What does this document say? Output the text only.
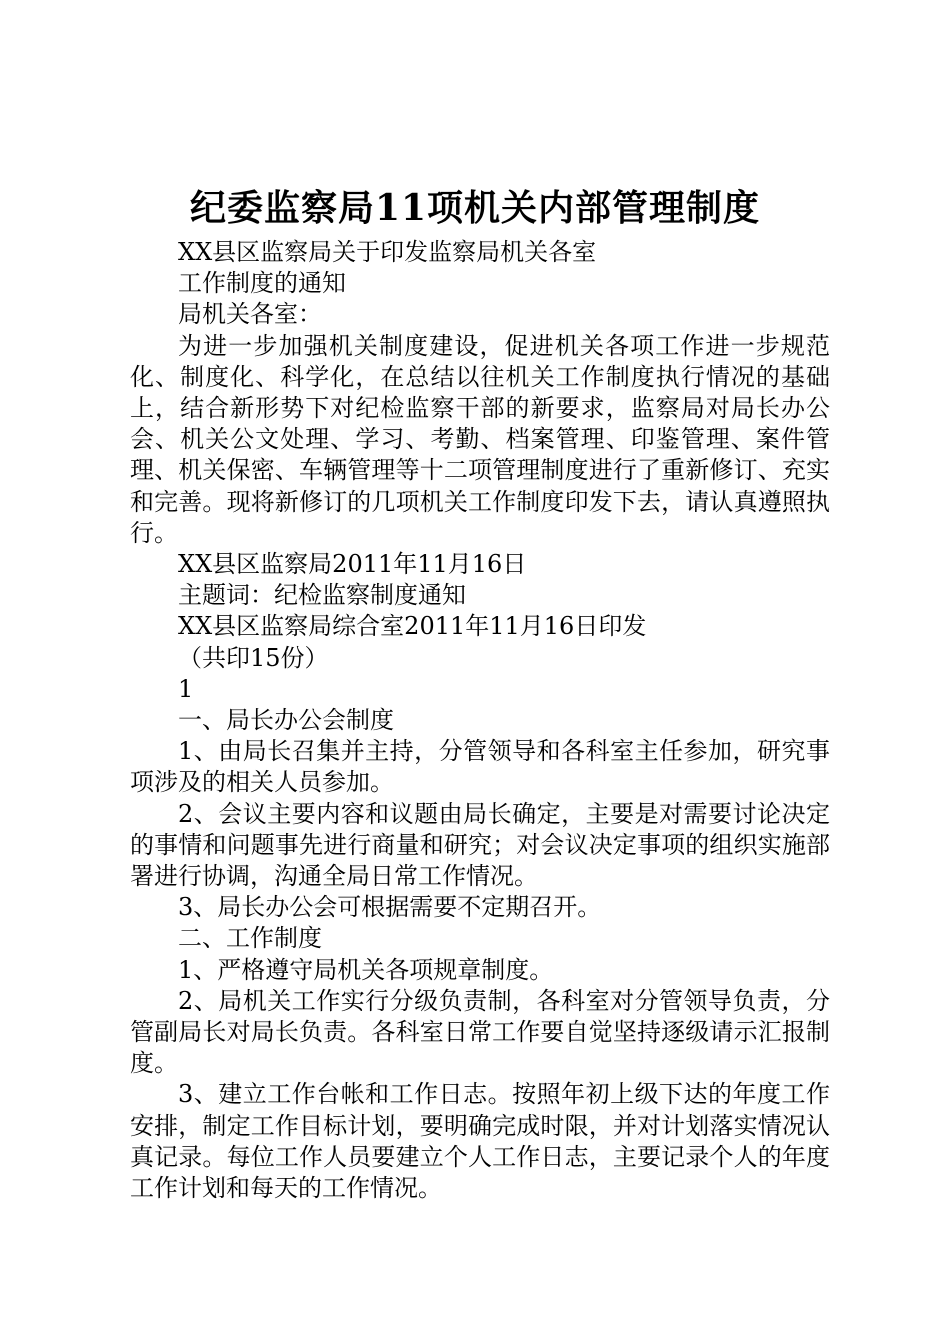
纪委监察局11项机关内部管理制度

XX县区监察局关于印发监察局机关各室

工作制度的通知

局机关各室：

为进一步加强机关制度建设，促进机关各项工作进一步规范化、制度化、科学化，在总结以往机关工作制度执行情况的基础上，结合新形势下对纪检监察干部的新要求，监察局对局长办公会、机关公文处理、学习、考勤、档案管理、印鉴管理、案件管理、机关保密、车辆管理等十二项管理制度进行了重新修订、充实和完善。现将新修订的几项机关工作制度印发下去，请认真遵照执行。

XX县区监察局2011年11月16日

主题词：纪检监察制度通知

XX县区监察局综合室2011年11月16日印发

（共印15份）

1

一、局长办公会制度

1、由局长召集并主持，分管领导和各科室主任参加，研究事项涉及的相关人员参加。

2、会议主要内容和议题由局长确定，主要是对需要讨论决定的事情和问题事先进行商量和研究；对会议决定事项的组织实施部署进行协调，沟通全局日常工作情况。

3、局长办公会可根据需要不定期召开。

二、工作制度

1、严格遵守局机关各项规章制度。

2、局机关工作实行分级负责制，各科室对分管领导负责，分管副局长对局长负责。各科室日常工作要自觉坚持逐级请示汇报制度。

3、建立工作台帐和工作日志。按照年初上级下达的年度工作安排，制定工作目标计划，要明确完成时限，并对计划落实情况认真记录。每位工作人员要建立个人工作日志，主要记录个人的年度工作计划和每天的工作情况。
